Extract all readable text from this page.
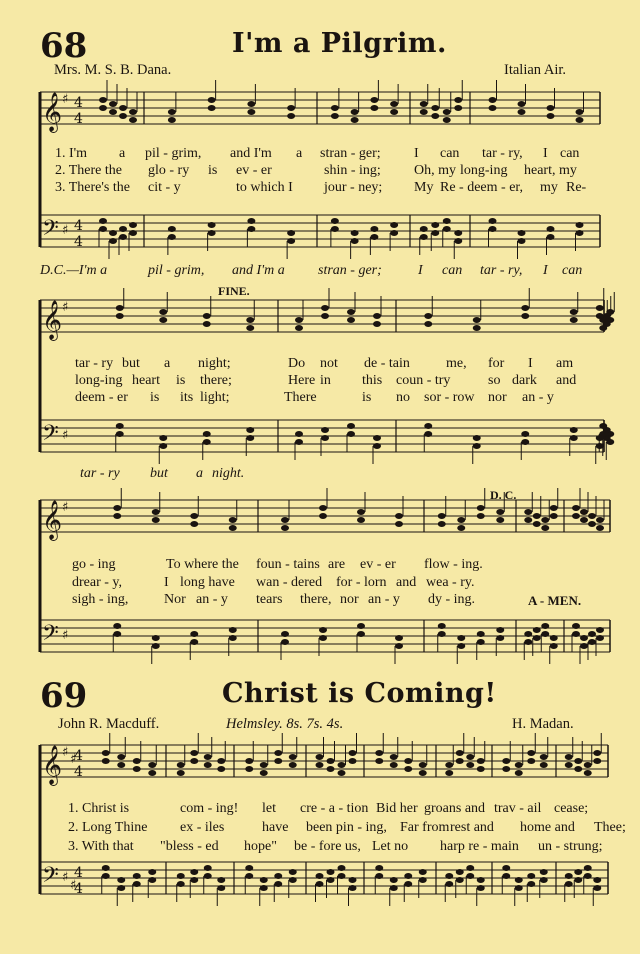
68	I'm a Pilgrim.
Mrs. M. S. B. Dana.	Italian Air.
𝄞
𝄢
♯
♯
4
4
4
4
𝄞
𝄢
♯
♯
𝄞
𝄢
♯
♯
𝄞
𝄢
♯
♯
♯
♯
4
4
4
4
1. I'm a pil - grim, and I'm a stran - ger; I can tar - ry, I can
2. There the glo - ry is ev - er	shin - ing; Oh, my long-ing heart, my
3. There's the cit - y	to which I jour - ney; My Re - deem - er, my Re-
D.C.—I'm a	pil - grim, and I'm a stran - ger;	I can tar - ry, I can
FINE.
tar - ry but a night;	Do not de - tain	me, for I am
long-ing heart is there;	Here in this coun - try	so dark and
deem - er is its light;	There	is no sor - row nor an - y
tar - ry but a night.
D. C.
go - ing	To where the foun - tains are ev - er flow - ing.
drear - y,	I long have wan - dered for - lorn and wea - ry.
sigh - ing,	Nor an - y tears there, nor an - y dy - ing.	A - MEN.
69	Christ is Coming!
John R. Macduff.	Helmsley. 8s. 7s. 4s.	H. Madan.
1. Christ is	com - ing! let cre - a - tion Bid her groans and trav - ail cease;
2. Long Thine ex - iles	have been pin - ing, Far from rest and home and Thee;
3. With that "bless - ed hope" be - fore us, Let no harp re - main un - strung;
